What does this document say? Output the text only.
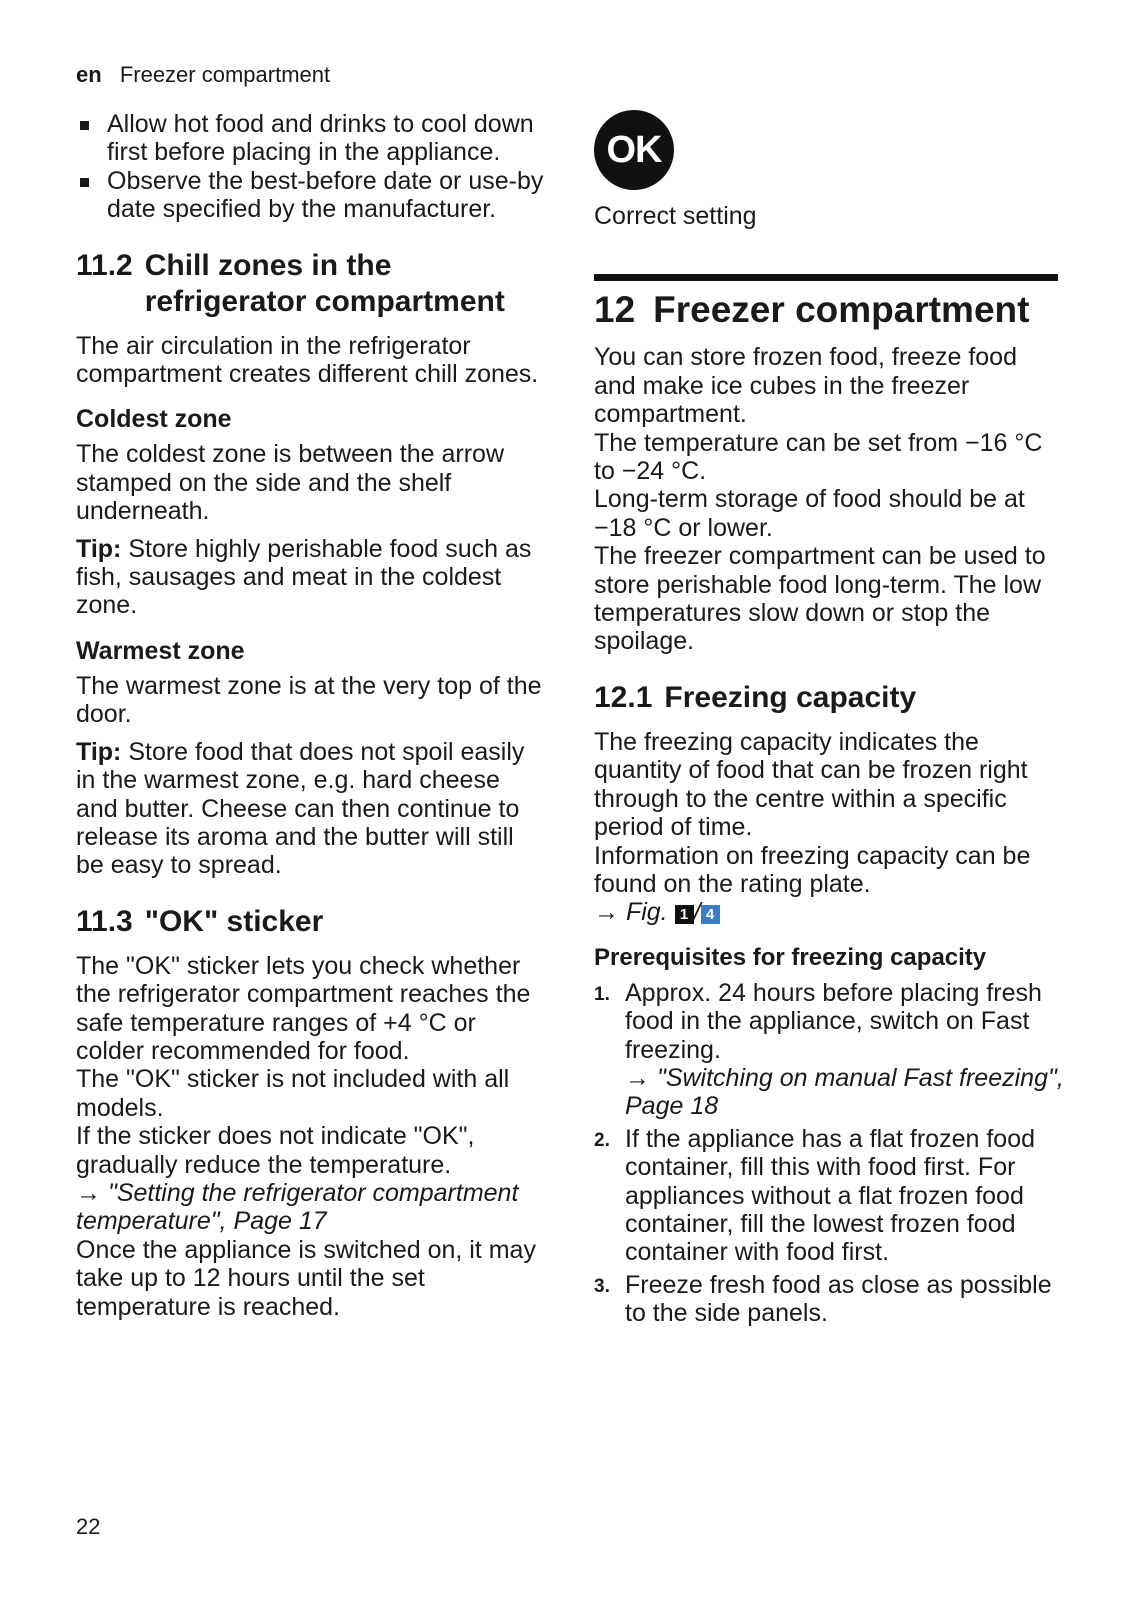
en Freezer compartment
Allow hot food and drinks to cool down first before placing in the appliance.
Observe the best-before date or use-by date specified by the manufacturer.
11.2 Chill zones in the refrigerator compartment

The air circulation in the refrigerator compartment creates different chill zones.

Coldest zone

The coldest zone is between the arrow stamped on the side and the shelf underneath.

Tip: Store highly perishable food such as fish, sausages and meat in the coldest zone.

Warmest zone

The warmest zone is at the very top of the door.

Tip: Store food that does not spoil easily in the warmest zone, e.g. hard cheese and butter. Cheese can then continue to release its aroma and the butter will still be easy to spread.

11.3 "OK" sticker

The "OK" sticker lets you check whether the refrigerator compartment reaches the safe temperature ranges of +4 °C or colder recommended for food.

The "OK" sticker is not included with all models.

If the sticker does not indicate "OK", gradually reduce the temperature.

→ "Setting the refrigerator compartment temperature", Page 17

Once the appliance is switched on, it may take up to 12 hours until the set temperature is reached.

OK

Correct setting

12 Freezer compartment

You can store frozen food, freeze food and make ice cubes in the freezer compartment.

The temperature can be set from −16 °C to −24 °C.

Long-term storage of food should be at −18 °C or lower.

The freezer compartment can be used to store perishable food long-term. The low temperatures slow down or stop the spoilage.

12.1 Freezing capacity

The freezing capacity indicates the quantity of food that can be frozen right through to the centre within a specific period of time.

Information on freezing capacity can be found on the rating plate.

→ Fig. 1 / 4

Prerequisites for freezing capacity
1. Approx. 24 hours before placing fresh food in the appliance, switch on Fast freezing.
→ "Switching on manual Fast freezing", Page 18
2. If the appliance has a flat frozen food container, fill this with food first. For appliances without a flat frozen food container, fill the lowest frozen food container with food first.
3. Freeze fresh food as close as possible to the side panels.
22
